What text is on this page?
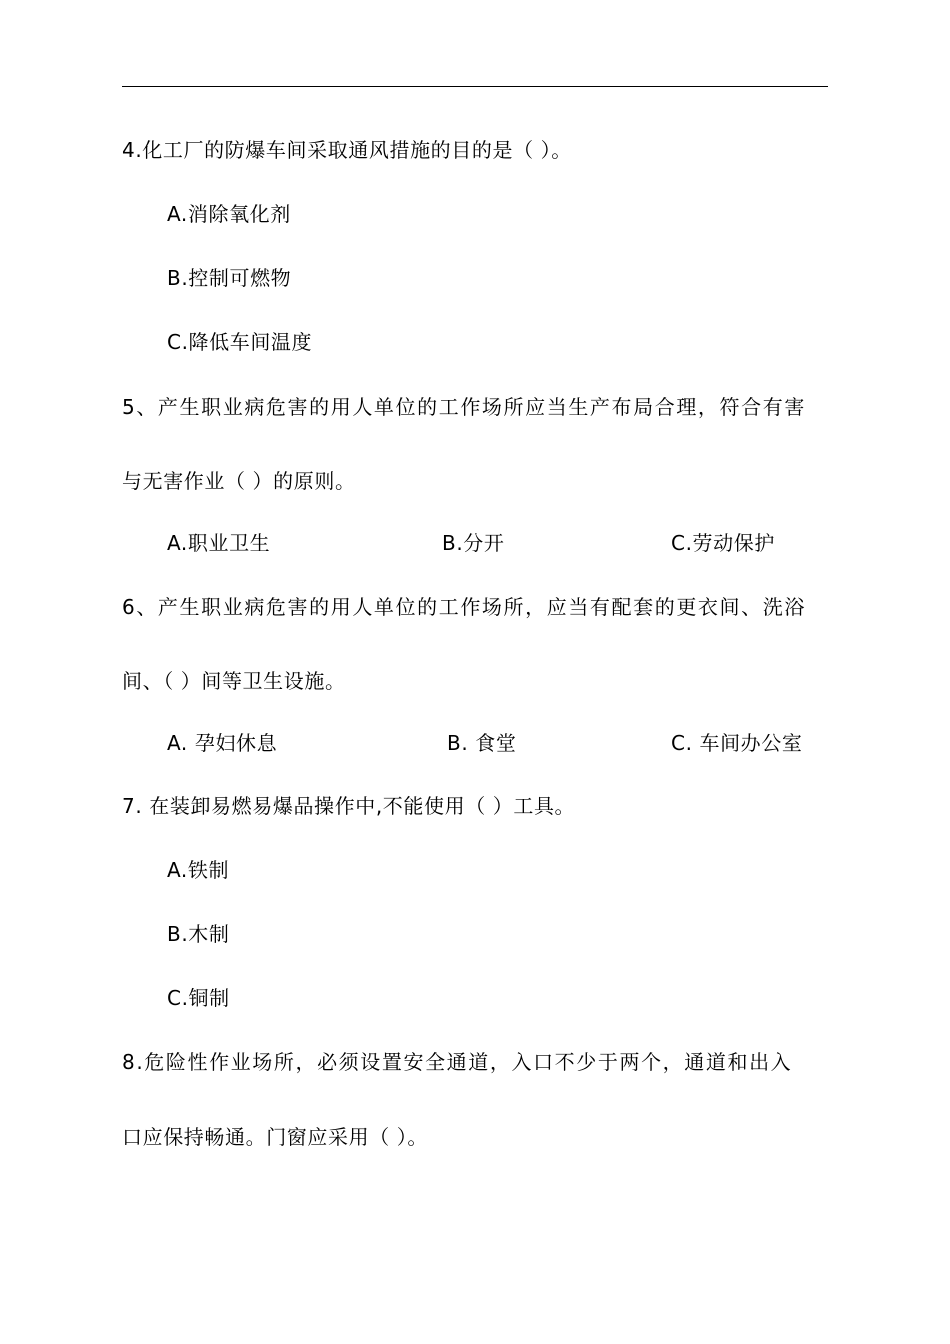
4.化工厂的防爆车间采取通风措施的目的是（ ）。
A.消除氧化剂
B.控制可燃物
C.降低车间温度
5、产生职业病危害的用人单位的工作场所应当生产布局合理，符合有害
与无害作业（ ）的原则。
A.职业卫生	B.分开	C.劳动保护
6、产生职业病危害的用人单位的工作场所，应当有配套的更衣间、洗浴
间、（ ）间等卫生设施。
A. 孕妇休息	B. 食堂	C. 车间办公室
7. 在装卸易燃易爆品操作中,不能使用（ ）工具。
A.铁制
B.木制
C.铜制
8.危险性作业场所，必须设置安全通道，入口不少于两个，通道和出入
口应保持畅通。门窗应采用（ ）。
